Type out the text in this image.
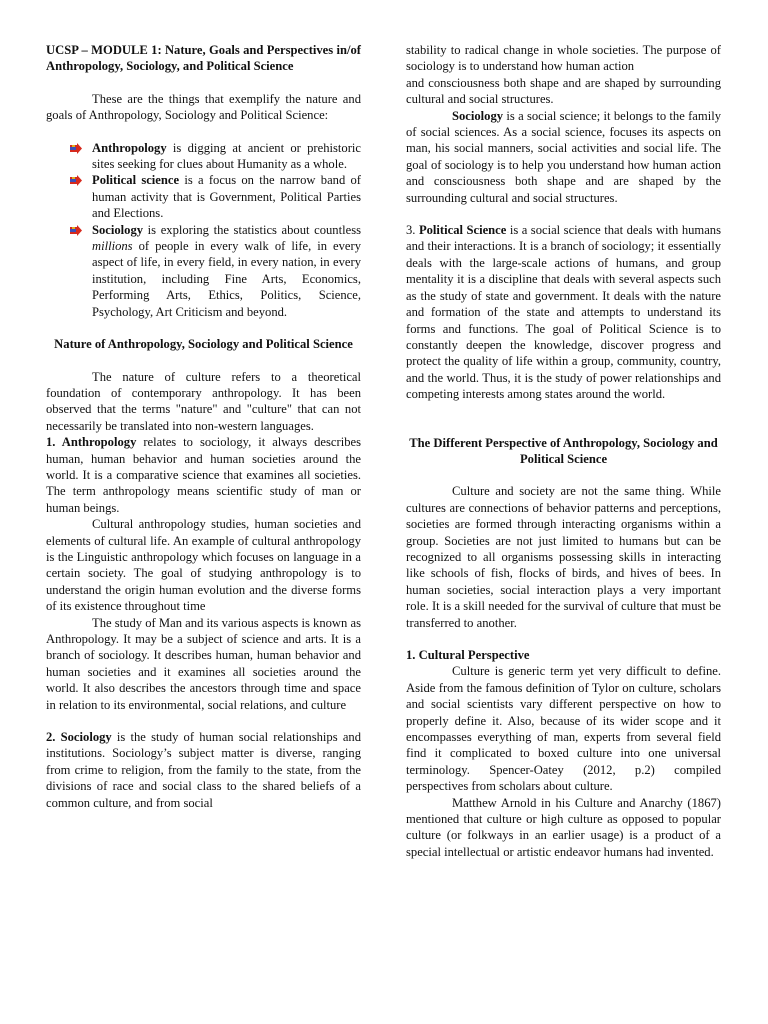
UCSP – MODULE 1: Nature, Goals and Perspectives in/of Anthropology, Sociology, and Political Science

These are the things that exemplify the nature and goals of Anthropology, Sociology and Political Science:

Anthropology is digging at ancient or prehistoric sites seeking for clues about Humanity as a whole.
Political science is a focus on the narrow band of human activity that is Government, Political Parties and Elections.
Sociology is exploring the statistics about countless millions of people in every walk of life, in every aspect of life, in every field, in every nation, in every institution, including Fine Arts, Economics, Performing Arts, Ethics, Politics, Science, Psychology, Art Criticism and beyond.

Nature of Anthropology, Sociology and Political Science

The nature of culture refers to a theoretical foundation of contemporary anthropology. It has been observed that the terms "nature" and "culture" that can not necessarily be translated into non-western languages.

1. Anthropology relates to sociology, it always describes human, human behavior and human societies around the world. It is a comparative science that examines all societies. The term anthropology means scientific study of man or human beings.

Cultural anthropology studies, human societies and elements of cultural life. An example of cultural anthropology is the Linguistic anthropology which focuses on language in a certain society. The goal of studying anthropology is to understand the origin human evolution and the diverse forms of its existence throughout time

The study of Man and its various aspects is known as Anthropology. It may be a subject of science and arts. It is a branch of sociology. It describes human, human behavior and human societies and it examines all societies around the world. It also describes the ancestors through time and space in relation to its environmental, social relations, and culture

2. Sociology is the study of human social relationships and institutions. Sociology’s subject matter is diverse, ranging from crime to religion, from the family to the state, from the divisions of race and social class to the shared beliefs of a common culture, and from social

stability to radical change in whole societies. The purpose of sociology is to understand how human action

and consciousness both shape and are shaped by surrounding cultural and social structures.

Sociology is a social science; it belongs to the family of social sciences. As a social science, focuses its aspects on man, his social manners, social activities and social life. The goal of sociology is to help you understand how human action and consciousness both shape and are shaped by the surrounding cultural and social structures.

3. Political Science is a social science that deals with humans and their interactions. It is a branch of sociology; it essentially deals with the large-scale actions of humans, and group mentality it is a discipline that deals with several aspects such as the study of state and government. It deals with the nature and formation of the state and attempts to understand its forms and functions. The goal of Political Science is to constantly deepen the knowledge, discover progress and protect the quality of life within a group, community, country, and the world. Thus, it is the study of power relationships and competing interests among states around the world.

The Different Perspective of Anthropology, Sociology and Political Science

Culture and society are not the same thing. While cultures are connections of behavior patterns and perceptions, societies are formed through interacting organisms within a group. Societies are not just limited to humans but can be recognized to all organisms possessing skills in interacting like schools of fish, flocks of birds, and hives of bees. In human societies, social interaction plays a very important role. It is a skill needed for the survival of culture that must be transferred to another.

1. Cultural Perspective

Culture is generic term yet very difficult to define. Aside from the famous definition of Tylor on culture, scholars and social scientists vary different perspective on how to properly define it. Also, because of its wider scope and it encompasses everything of man, experts from several field find it complicated to boxed culture into one universal terminology. Spencer-Oatey (2012, p.2) compiled perspectives from scholars about culture.

Matthew Arnold in his Culture and Anarchy (1867) mentioned that culture or high culture as opposed to popular culture (or folkways in an earlier usage) is a product of a special intellectual or artistic endeavor humans had invented.
